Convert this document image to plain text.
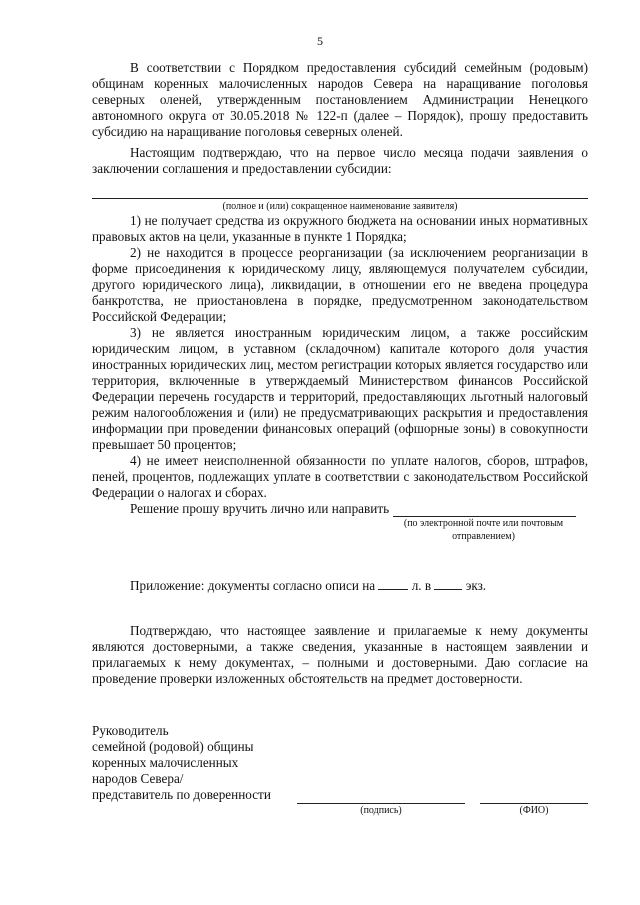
5

В соответствии с Порядком предоставления субсидий семейным (родовым) общинам коренных малочисленных народов Севера на наращивание поголовья северных оленей, утвержденным постановлением Администрации Ненецкого автономного округа от 30.05.2018 № 122-п (далее – Порядок), прошу предоставить субсидию на наращивание поголовья северных оленей.

Настоящим подтверждаю, что на первое число месяца подачи заявления о заключении соглашения и предоставлении субсидии:

(полное и (или) сокращенное наименование заявителя)

1) не получает средства из окружного бюджета на основании иных нормативных правовых актов на цели, указанные в пункте 1 Порядка;

2) не находится в процессе реорганизации (за исключением реорганизации в форме присоединения к юридическому лицу, являющемуся получателем субсидии, другого юридического лица), ликвидации, в отношении его не введена процедура банкротства, не приостановлена в порядке, предусмотренном законодательством Российской Федерации;

3) не является иностранным юридическим лицом, а также российским юридическим лицом, в уставном (складочном) капитале которого доля участия иностранных юридических лиц, местом регистрации которых является государство или территория, включенные в утверждаемый Министерством финансов Российской Федерации перечень государств и территорий, предоставляющих льготный налоговый режим налогообложения и (или) не предусматривающих раскрытия и предоставления информации при проведении финансовых операций (офшорные зоны) в совокупности превышает 50 процентов;

4) не имеет неисполненной обязанности по уплате налогов, сборов, штрафов, пеней, процентов, подлежащих уплате в соответствии с законодательством Российской Федерации о налогах и сборах.

Решение прошу вручить лично или направить
(по электронной почте или почтовым отправлением)

Приложение: документы согласно описи на	л. в	экз.

Подтверждаю, что настоящее заявление и прилагаемые к нему документы являются достоверными, а также сведения, указанные в настоящем заявлении и прилагаемых к нему документах, – полными и достоверными. Даю согласие на проведение проверки изложенных обстоятельств на предмет достоверности.

Руководитель
семейной (родовой) общины
коренных малочисленных
народов Севера/
представитель по доверенности
(подпись)	(ФИО)
